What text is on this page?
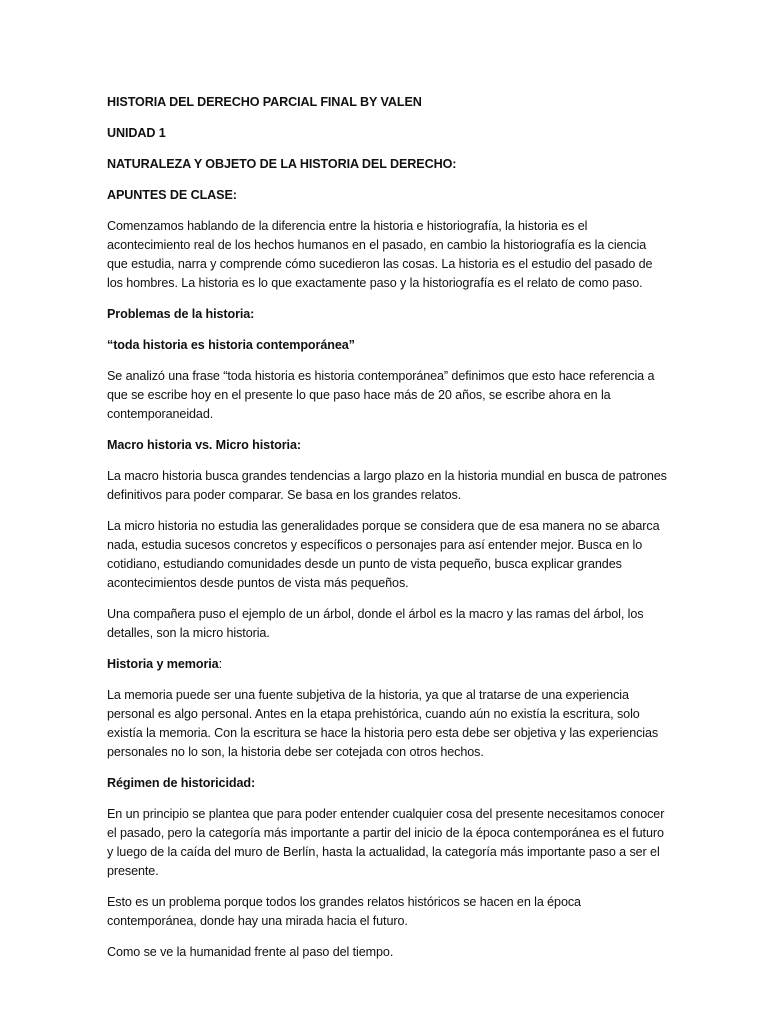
HISTORIA DEL DERECHO PARCIAL FINAL BY VALEN

UNIDAD 1

NATURALEZA Y OBJETO DE LA HISTORIA DEL DERECHO:

APUNTES DE CLASE:

Comenzamos hablando de la diferencia entre la historia e historiografía, la historia es el acontecimiento real de los hechos humanos en el pasado, en cambio la historiografía es la ciencia que estudia, narra y comprende cómo sucedieron las cosas. La historia es el estudio del pasado de los hombres. La historia es lo que exactamente paso y la historiografía es el relato de como paso.

Problemas de la historia:

“toda historia es historia contemporánea”

Se analizó una frase “toda historia es historia contemporánea” definimos que esto hace referencia a que se escribe hoy en el presente lo que paso hace más de 20 años, se escribe ahora en la contemporaneidad.

Macro historia vs. Micro historia:

La macro historia busca grandes tendencias a largo plazo en la historia mundial en busca de patrones definitivos para poder comparar. Se basa en los grandes relatos.

La micro historia no estudia las generalidades porque se considera que de esa manera no se abarca nada, estudia sucesos concretos y específicos o personajes para así entender mejor. Busca en lo cotidiano, estudiando comunidades desde un punto de vista pequeño, busca explicar grandes acontecimientos desde puntos de vista más pequeños.

Una compañera puso el ejemplo de un árbol, donde el árbol es la macro y las ramas del árbol, los detalles, son la micro historia.

Historia y memoria:

La memoria puede ser una fuente subjetiva de la historia, ya que al tratarse de una experiencia personal es algo personal. Antes en la etapa prehistórica, cuando aún no existía la escritura, solo existía la memoria. Con la escritura se hace la historia pero esta debe ser objetiva y las experiencias personales no lo son, la historia debe ser cotejada con otros hechos.

Régimen de historicidad:

En un principio se plantea que para poder entender cualquier cosa del presente necesitamos conocer el pasado, pero la categoría más importante a partir del inicio de la época contemporánea es el futuro y luego de la caída del muro de Berlín, hasta la actualidad, la categoría más importante paso a ser el presente.

Esto es un problema porque todos los grandes relatos históricos se hacen en la época contemporánea, donde hay una mirada hacia el futuro.

Como se ve la humanidad frente al paso del tiempo.
